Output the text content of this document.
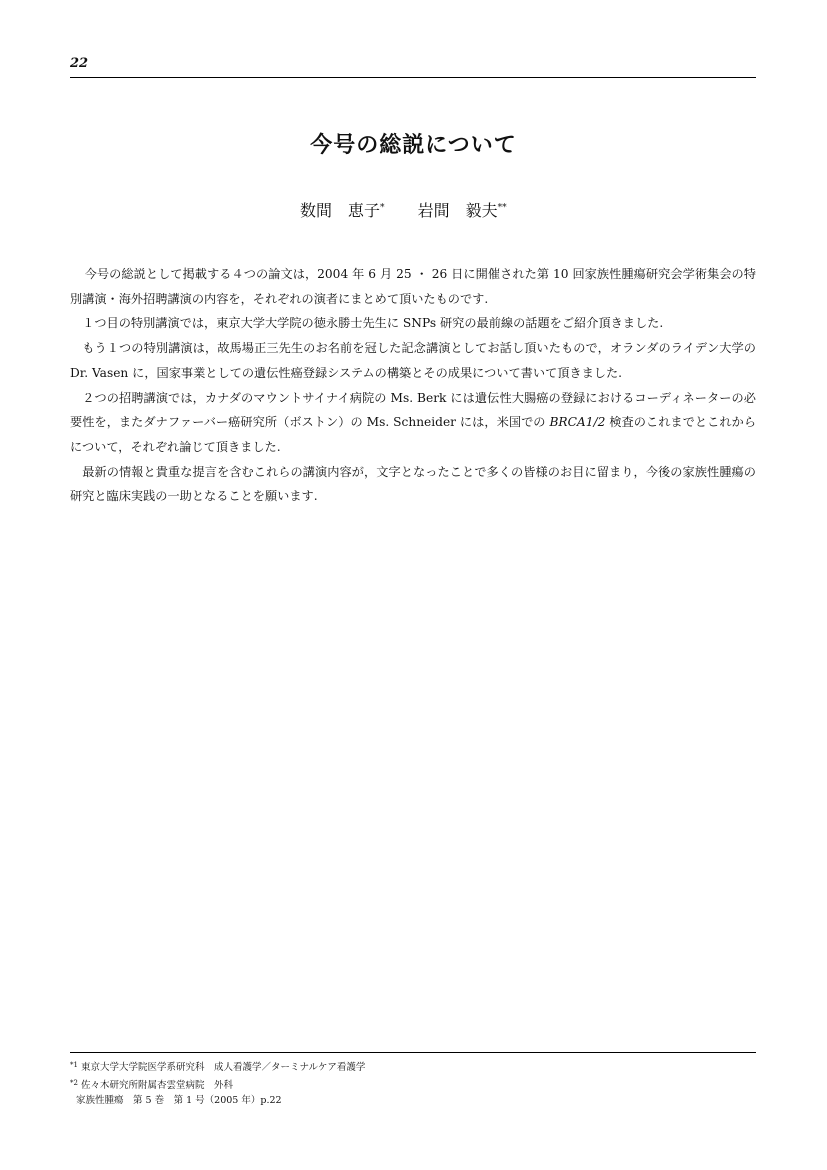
22
今号の総説について
数間　恵子* 岩間　毅夫**

今号の総説として掲載する４つの論文は，2004 年 6 月 25 ・ 26 日に開催された第 10 回家族性腫瘍研究会学術集会の特別講演・海外招聘講演の内容を，それぞれの演者にまとめて頂いたものです.

１つ目の特別講演では，東京大学大学院の徳永勝士先生に SNPs 研究の最前線の話題をご紹介頂きました.

もう１つの特別講演は，故馬場正三先生のお名前を冠した記念講演としてお話し頂いたもので，オランダのライデン大学の Dr. Vasen に，国家事業としての遺伝性癌登録システムの構築とその成果について書いて頂きました.

２つの招聘講演では，カナダのマウントサイナイ病院の Ms. Berk には遺伝性大腸癌の登録におけるコーディネーターの必要性を，またダナファーバー癌研究所（ボストン）の Ms. Schneider には，米国での BRCA1/2 検査のこれまでとこれからについて，それぞれ論じて頂きました.

最新の情報と貴重な提言を含むこれらの講演内容が，文字となったことで多くの皆様のお目に留まり，今後の家族性腫瘍の研究と臨床実践の一助となることを願います.

$^{*1}$ 東京大学大学院医学系研究科　成人看護学／ターミナルケア看護学
$^{*2}$ 佐々木研究所附属杏雲堂病院　外科
家族性腫瘍　第 5 巻　第 1 号（2005 年）p.22
